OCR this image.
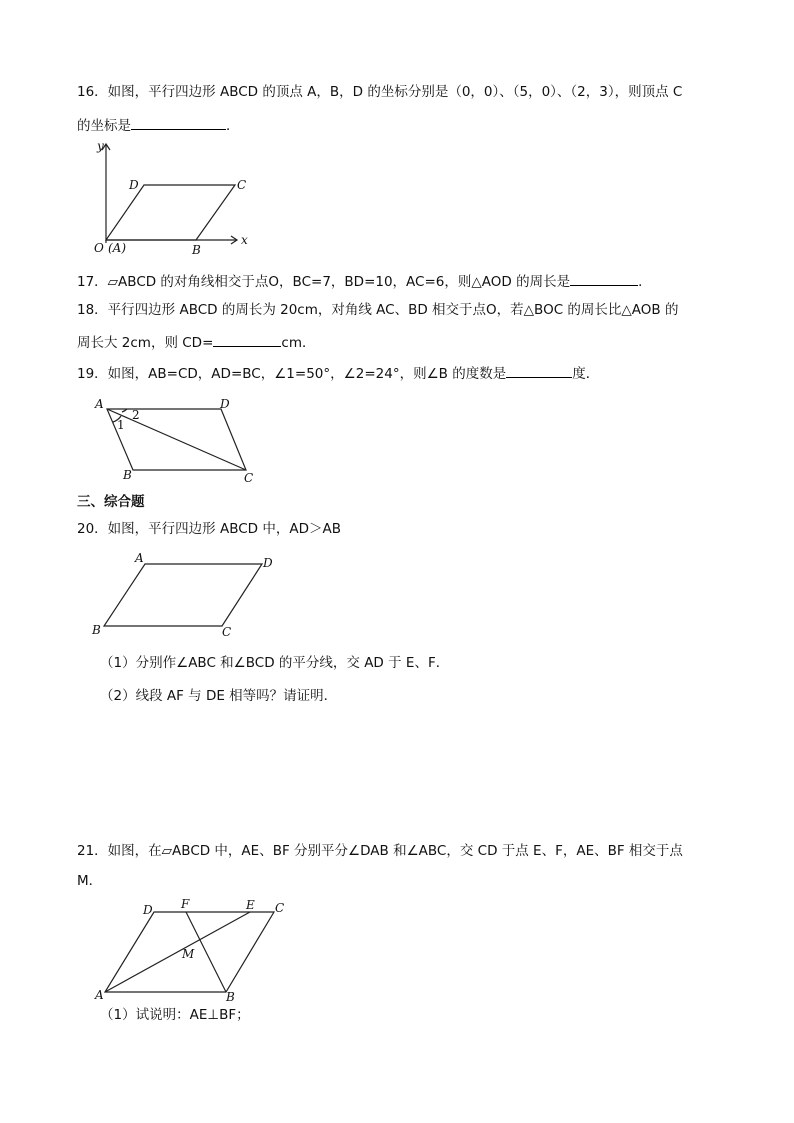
16．如图，平行四边形 ABCD 的顶点 A，B，D 的坐标分别是（0，0）、（5，0）、（2，3），则顶点 C
的坐标是	．
y
x
D	C
O (A)	B
17．▱ABCD 的对角线相交于点O，BC=7，BD=10，AC=6，则△AOD 的周长是	．
18．平行四边形 ABCD 的周长为 20cm，对角线 AC、BD 相交于点O，若△BOC 的周长比△AOB 的
周长大 2cm，则 CD=	cm．
19．如图，AB=CD，AD=BC，∠1=50°，∠2=24°，则∠B 的度数是	度．
A	D
B	C
1
2
三、综合题
20．如图，平行四边形 ABCD 中，AD＞AB
A	D
B	C
（1）分别作∠ABC 和∠BCD 的平分线，交 AD 于 E、F．
（2）线段 AF 与 DE 相等吗？请证明．
21．如图，在▱ABCD 中，AE、BF 分别平分∠DAB 和∠ABC，交 CD 于点 E、F，AE、BF 相交于点
M．
D F	E C
M
A	B
（1）试说明：AE⊥BF；
